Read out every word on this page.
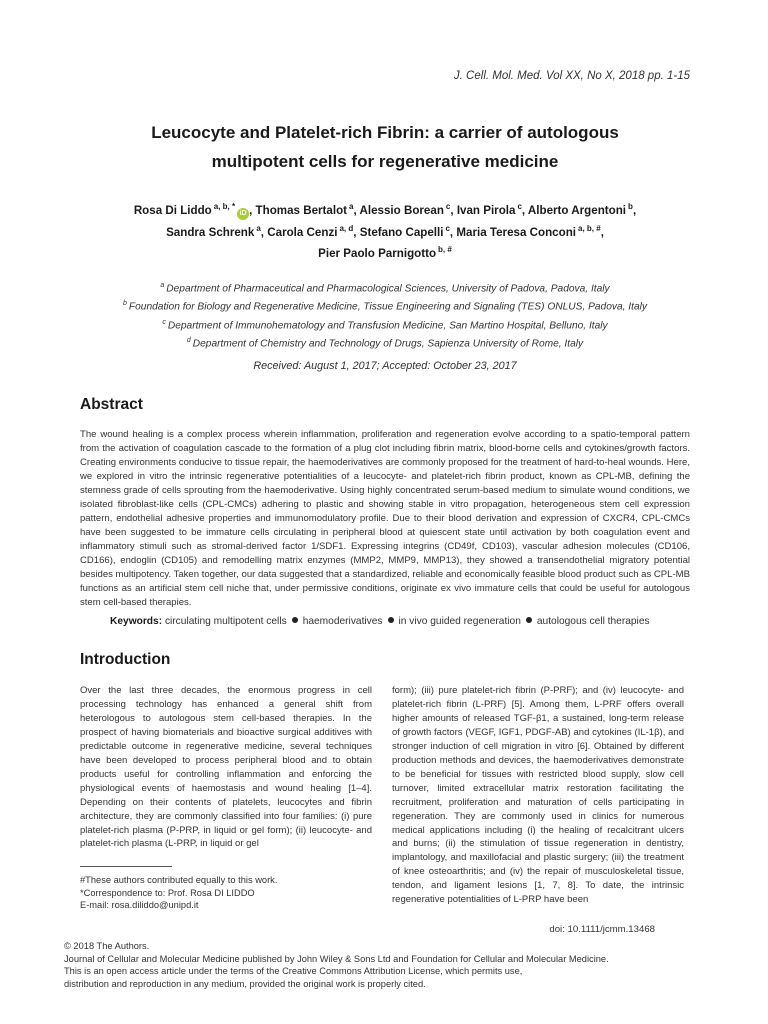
J. Cell. Mol. Med. Vol XX, No X, 2018 pp. 1-15
Leucocyte and Platelet-rich Fibrin: a carrier of autologous
multipotent cells for regenerative medicine
Rosa Di Liddo $^{a, b, *}$iD , Thomas Bertalot $^a$, Alessio Borean $^c$, Ivan Pirola $^c$, Alberto Argentoni $^b$,
Sandra Schrenk $^a$, Carola Cenzi $^{a, d}$, Stefano Capelli $^c$, Maria Teresa Conconi $^{a, b, \#}$,
Pier Paolo Parnigotto $^{b, \#}$
$^a$ Department of Pharmaceutical and Pharmacological Sciences, University of Padova, Padova, Italy
$^b$ Foundation for Biology and Regenerative Medicine, Tissue Engineering and Signaling (TES) ONLUS, Padova, Italy
$^c$ Department of Immunohematology and Transfusion Medicine, San Martino Hospital, Belluno, Italy
$^d$ Department of Chemistry and Technology of Drugs, Sapienza University of Rome, Italy
Received: August 1, 2017; Accepted: October 23, 2017
Abstract
The wound healing is a complex process wherein inflammation, proliferation and regeneration evolve according to a spatio-temporal pattern from the activation of coagulation cascade to the formation of a plug clot including fibrin matrix, blood-borne cells and cytokines/growth factors. Creating environments conducive to tissue repair, the haemoderivatives are commonly proposed for the treatment of hard-to-heal wounds. Here, we explored in vitro the intrinsic regenerative potentialities of a leucocyte- and platelet-rich fibrin product, known as CPL-MB, defining the stemness grade of cells sprouting from the haemoderivative. Using highly concentrated serum-based medium to simulate wound conditions, we isolated fibroblast-like cells (CPL-CMCs) adhering to plastic and showing stable in vitro propagation, heterogeneous stem cell expression pattern, endothelial adhesive properties and immunomodulatory profile. Due to their blood derivation and expression of CXCR4, CPL-CMCs have been suggested to be immature cells circulating in peripheral blood at quiescent state until activation by both coagulation event and inflammatory stimuli such as stromal-derived factor 1/SDF1. Expressing integrins (CD49f, CD103), vascular adhesion molecules (CD106, CD166), endoglin (CD105) and remodelling matrix enzymes (MMP2, MMP9, MMP13), they showed a transendothelial migratory potential besides multipotency. Taken together, our data suggested that a standardized, reliable and economically feasible blood product such as CPL-MB functions as an artificial stem cell niche that, under permissive conditions, originate ex vivo immature cells that could be useful for autologous stem cell-based therapies.
Keywords: circulating multipotent cells haemoderivatives in vivo guided regeneration autologous cell therapies
Introduction

Over the last three decades, the enormous progress in cell processing technology has enhanced a general shift from heterologous to autologous stem cell-based therapies. In the prospect of having biomaterials and bioactive surgical additives with predictable outcome in regenerative medicine, several techniques have been developed to process peripheral blood and to obtain products useful for controlling inflammation and enforcing the physiological events of haemostasis and wound healing [1–4]. Depending on their contents of platelets, leucocytes and fibrin architecture, they are commonly classified into four families: (i) pure platelet-rich plasma (P-PRP, in liquid or gel form); (ii) leucocyte- and platelet-rich plasma (L-PRP, in liquid or gel

form); (iii) pure platelet-rich fibrin (P-PRF); and (iv) leucocyte- and platelet-rich fibrin (L-PRF) [5]. Among them, L-PRF offers overall higher amounts of released TGF-β1, a sustained, long-term release of growth factors (VEGF, IGF1, PDGF-AB) and cytokines (IL-1β), and stronger induction of cell migration in vitro [6]. Obtained by different production methods and devices, the haemoderivatives demonstrate to be beneficial for tissues with restricted blood supply, slow cell turnover, limited extracellular matrix restoration facilitating the recruitment, proliferation and maturation of cells participating in regeneration. They are commonly used in clinics for numerous medical applications including (i) the healing of recalcitrant ulcers and burns; (ii) the stimulation of tissue regeneration in dentistry, implantology, and maxillofacial and plastic surgery; (iii) the treatment of knee osteoarthritis; and (iv) the repair of musculoskeletal tissue, tendon, and ligament lesions [1, 7, 8]. To date, the intrinsic regenerative potentialities of L-PRP have been

#These authors contributed equally to this work.
*Correspondence to: Prof. Rosa DI LIDDO
E-mail: rosa.diliddo@unipd.it
doi: 10.1111/jcmm.13468
© 2018 The Authors.
Journal of Cellular and Molecular Medicine published by John Wiley & Sons Ltd and Foundation for Cellular and Molecular Medicine.
This is an open access article under the terms of the Creative Commons Attribution License, which permits use,
distribution and reproduction in any medium, provided the original work is properly cited.
